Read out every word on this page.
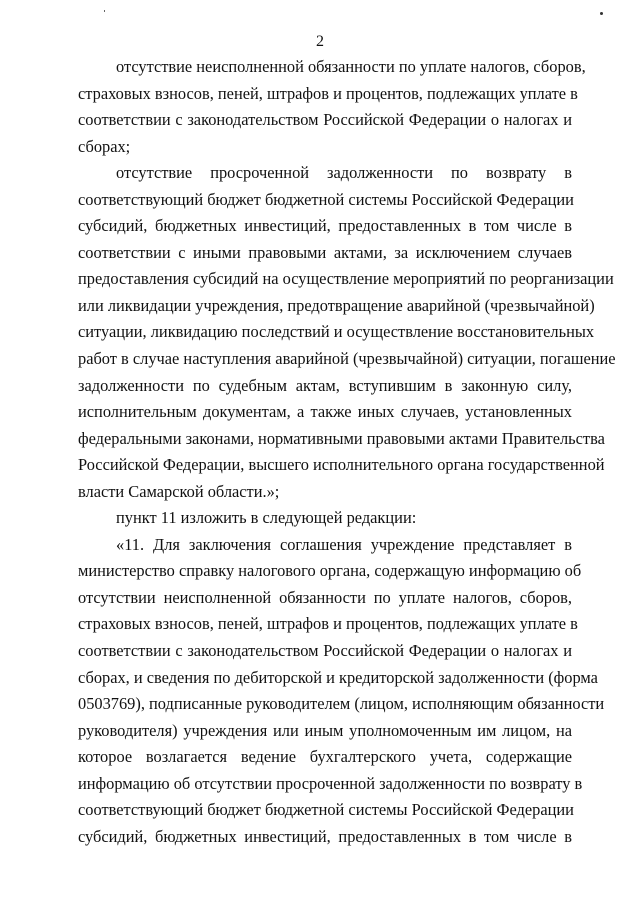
2
отсутствие неисполненной обязанности по уплате налогов, сборов,
страховых взносов, пеней, штрафов и процентов, подлежащих уплате в
соответствии с законодательством Российской Федерации о налогах и
сборах;
отсутствие просроченной задолженности по возврату в
соответствующий бюджет бюджетной системы Российской Федерации
субсидий, бюджетных инвестиций, предоставленных в том числе в
соответствии с иными правовыми актами, за исключением случаев
предоставления субсидий на осуществление мероприятий по реорганизации
или ликвидации учреждения, предотвращение аварийной (чрезвычайной)
ситуации, ликвидацию последствий и осуществление восстановительных
работ в случае наступления аварийной (чрезвычайной) ситуации, погашение
задолженности по судебным актам, вступившим в законную силу,
исполнительным документам, а также иных случаев, установленных
федеральными законами, нормативными правовыми актами Правительства
Российской Федерации, высшего исполнительного органа государственной
власти Самарской области.»;
пункт 11 изложить в следующей редакции:
«11. Для заключения соглашения учреждение представляет в
министерство справку налогового органа, содержащую информацию об
отсутствии неисполненной обязанности по уплате налогов, сборов,
страховых взносов, пеней, штрафов и процентов, подлежащих уплате в
соответствии с законодательством Российской Федерации о налогах и
сборах, и сведения по дебиторской и кредиторской задолженности (форма
0503769), подписанные руководителем (лицом, исполняющим обязанности
руководителя) учреждения или иным уполномоченным им лицом, на
которое возлагается ведение бухгалтерского учета, содержащие
информацию об отсутствии просроченной задолженности по возврату в
соответствующий бюджет бюджетной системы Российской Федерации
субсидий, бюджетных инвестиций, предоставленных в том числе в
